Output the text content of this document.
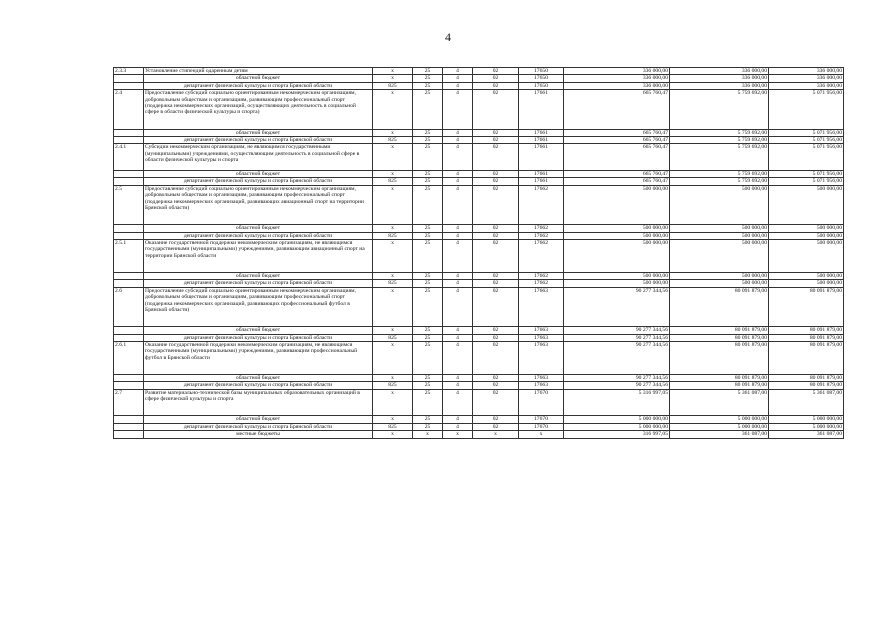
4
2.3.3	Установление стипендий одаренным детям	х	25	4	02	17650	336 000,00	336 000,00	336 000,00
	областной бюджет	х	25	4	02	17650	336 000,00	336 000,00	336 000,00
	департамент физической культуры и спорта Брянской области	825	25	4	02	17650	336 000,00	336 000,00	336 000,00
2.4	Предоставление субсидий социально ориентированным некоммерческим организациям, добровольным обществам и организациям, развивающим профессиональный спорт (поддержка некоммерческих организаций, осуществляющих деятельность в социальной сфере в области физической культуры и спорта)	х	25	4	02	17661	665 760,47	5 759 692,00	5 071 956,00
	областной бюджет	х	25	4	02	17661	665 760,47	5 759 692,00	5 071 956,00
	департамент физической культуры и спорта Брянской области	825	25	4	02	17661	665 760,47	5 759 692,00	5 071 956,00
2.4.1	Субсидии некоммерческим организациям, не являющимся государственными (муниципальными) учреждениями, осуществляющим деятельность в социальной сфере в области физической культуры и спорта	х	25	4	02	17661	665 760,47	5 759 692,00	5 071 956,00
	областной бюджет	х	25	4	02	17661	665 760,47	5 759 692,00	5 071 956,00
	департамент физической культуры и спорта Брянской области	825	25	4	02	17661	665 760,47	5 759 692,00	5 071 956,00
2.5	Предоставление субсидий социально ориентированным некоммерческим организациям, добровольным обществам и организациям, развивающим профессиональный спорт (поддержка некоммерческих организаций, развивающих авиационный спорт на территории Брянской области)	х	25	4	02	17662	500 000,00	500 000,00	500 000,00
	областной бюджет	х	25	4	02	17662	500 000,00	500 000,00	500 000,00
	департамент физической культуры и спорта Брянской области	825	25	4	02	17662	500 000,00	500 000,00	500 000,00
2.5.1	Оказание государственной поддержки некоммерческим организациям, не являющимся государственными (муниципальными) учреждениями, развивающим авиационный спорт на территории Брянской области	х	25	4	02	17662	500 000,00	500 000,00	500 000,00
	областной бюджет	х	25	4	02	17662	500 000,00	500 000,00	500 000,00
	департамент физической культуры и спорта Брянской области	825	25	4	02	17662	500 000,00	500 000,00	500 000,00
2.6	Предоставление субсидий социально ориентированным некоммерческим организациям, добровольным обществам и организациям, развивающим профессиональный спорт (поддержка некоммерческих организаций, развивающих профессиональный футбол в Брянской области)	х	25	4	02	17663	90 277 344,56	80 091 879,00	80 091 879,00
	областной бюджет	х	25	4	02	17663	90 277 344,56	80 091 879,00	80 091 879,00
	департамент физической культуры и спорта Брянской области	825	25	4	02	17663	90 277 344,56	80 091 879,00	80 091 879,00
2.6.1	Оказание государственной поддержки некоммерческим организациям, не являющимся государственными (муниципальными) учреждениями, развивающим профессиональный футбол в Брянской области	х	25	4	02	17663	90 277 344,56	80 091 879,00	80 091 879,00
	областной бюджет	х	25	4	02	17663	90 277 344,56	80 091 879,00	80 091 879,00
	департамент физической культуры и спорта Брянской области	825	25	4	02	17663	90 277 344,56	80 091 879,00	80 091 879,00
2.7	Развитие материально-технической базы муниципальных образовательных организаций в сфере физической культуры и спорта	х	25	4	02	17670	5 316 997,05	5 361 087,00	5 361 087,00
	областной бюджет	х	25	4	02	17670	5 000 000,00	5 000 000,00	5 000 000,00
	департамент физической культуры и спорта Брянской области	825	25	4	02	17670	5 000 000,00	5 000 000,00	5 000 000,00
	местные бюджеты	х	х	х	х	х	316 997,05	361 087,00	361 087,00
